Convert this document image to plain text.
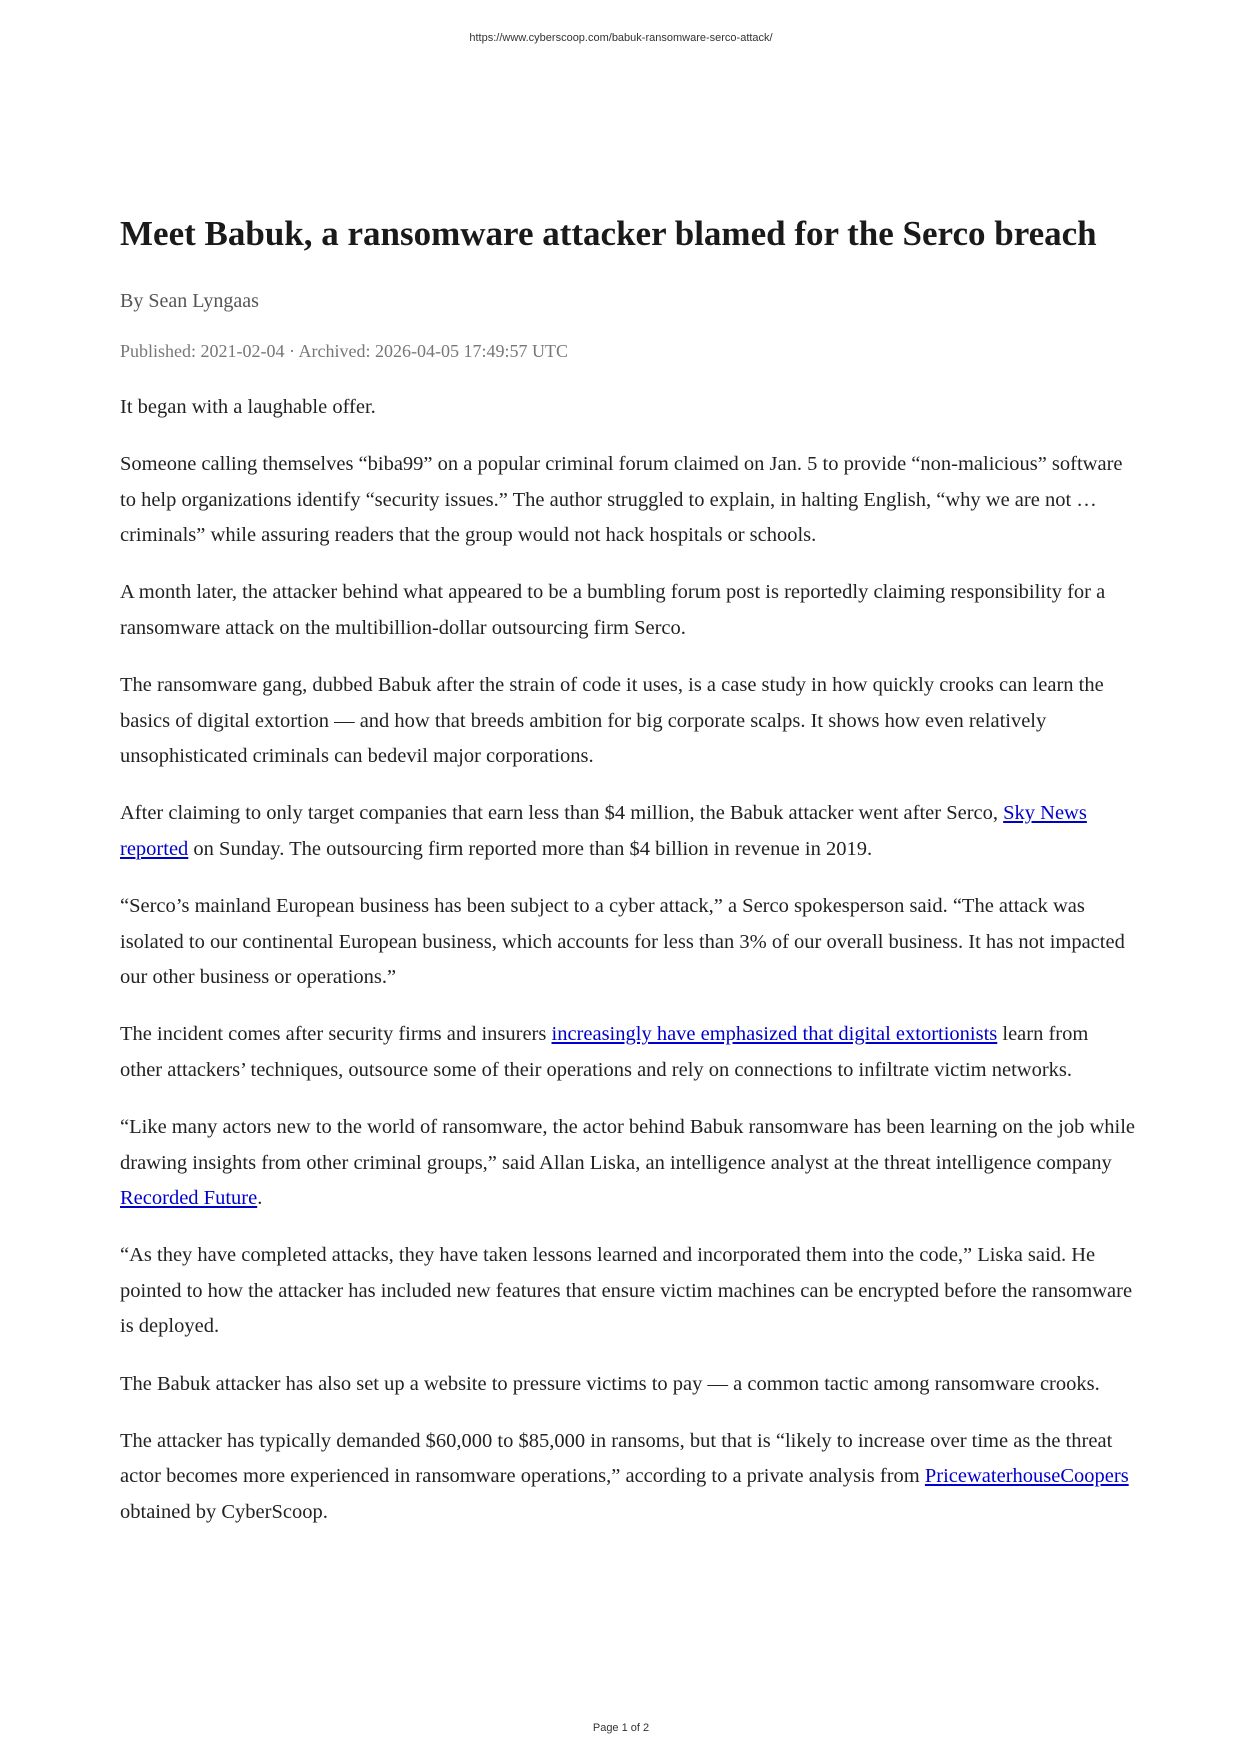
https://www.cyberscoop.com/babuk-ransomware-serco-attack/
Meet Babuk, a ransomware attacker blamed for the Serco breach
By Sean Lyngaas
Published: 2021-02-04 · Archived: 2026-04-05 17:49:57 UTC

It began with a laughable offer.

Someone calling themselves “biba99” on a popular criminal forum claimed on Jan. 5 to provide “non-malicious” software to help organizations identify “security issues.” The author struggled to explain, in halting English, “why we are not … criminals” while assuring readers that the group would not hack hospitals or schools.

A month later, the attacker behind what appeared to be a bumbling forum post is reportedly claiming responsibility for a ransomware attack on the multibillion-dollar outsourcing firm Serco.

The ransomware gang, dubbed Babuk after the strain of code it uses, is a case study in how quickly crooks can learn the basics of digital extortion — and how that breeds ambition for big corporate scalps. It shows how even relatively unsophisticated criminals can bedevil major corporations.

After claiming to only target companies that earn less than $4 million, the Babuk attacker went after Serco, Sky News reported on Sunday. The outsourcing firm reported more than $4 billion in revenue in 2019.

“Serco’s mainland European business has been subject to a cyber attack,” a Serco spokesperson said. “The attack was isolated to our continental European business, which accounts for less than 3% of our overall business. It has not impacted our other business or operations.”

The incident comes after security firms and insurers increasingly have emphasized that digital extortionists learn from other attackers’ techniques, outsource some of their operations and rely on connections to infiltrate victim networks.

“Like many actors new to the world of ransomware, the actor behind Babuk ransomware has been learning on the job while drawing insights from other criminal groups,” said Allan Liska, an intelligence analyst at the threat intelligence company Recorded Future.

“As they have completed attacks, they have taken lessons learned and incorporated them into the code,” Liska said. He pointed to how the attacker has included new features that ensure victim machines can be encrypted before the ransomware is deployed.

The Babuk attacker has also set up a website to pressure victims to pay — a common tactic among ransomware crooks.

The attacker has typically demanded $60,000 to $85,000 in ransoms, but that is “likely to increase over time as the threat actor becomes more experienced in ransomware operations,” according to a private analysis from PricewaterhouseCoopers obtained by CyberScoop.

Page 1 of 2
